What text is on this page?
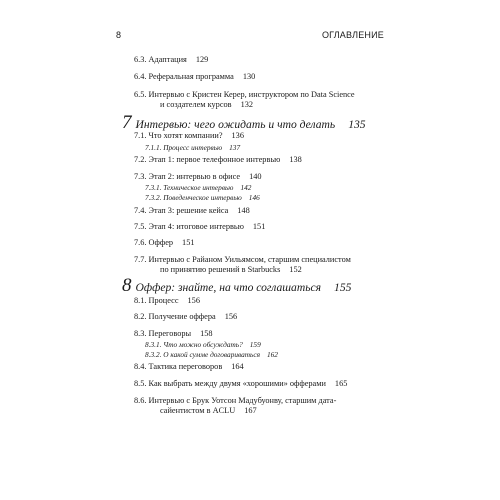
8	ОГЛАВЛЕНИЕ
6.3. Адаптация 129
6.4. Реферальная программа 130
6.5. Интервью с Кристен Керер, инструктором по Data Science
и создателем курсов 132
7 Интервью: чего ожидать и что делать 135
7.1. Что хотят компании? 136
7.1.1. Процесс интервью 137
7.2. Этап 1: первое телефонное интервью 138
7.3. Этап 2: интервью в офисе 140
7.3.1. Техническое интервью 142
7.3.2. Поведенческое интервью 146
7.4. Этап 3: решение кейса 148
7.5. Этап 4: итоговое интервью 151
7.6. Оффер 151
7.7. Интервью с Райаном Уильямсом, старшим специалистом
по принятию решений в Starbucks 152
8 Оффер: знайте, на что соглашаться 155
8.1. Процесс 156
8.2. Получение оффера 156
8.3. Переговоры 158
8.3.1. Что можно обсуждать? 159
8.3.2. О какой сумме договариваться 162
8.4. Тактика переговоров 164
8.5. Как выбрать между двумя «хорошими» офферами 165
8.6. Интервью с Брук Уотсон Мадубуонву, старшим дата-
сайентистом в ACLU 167
